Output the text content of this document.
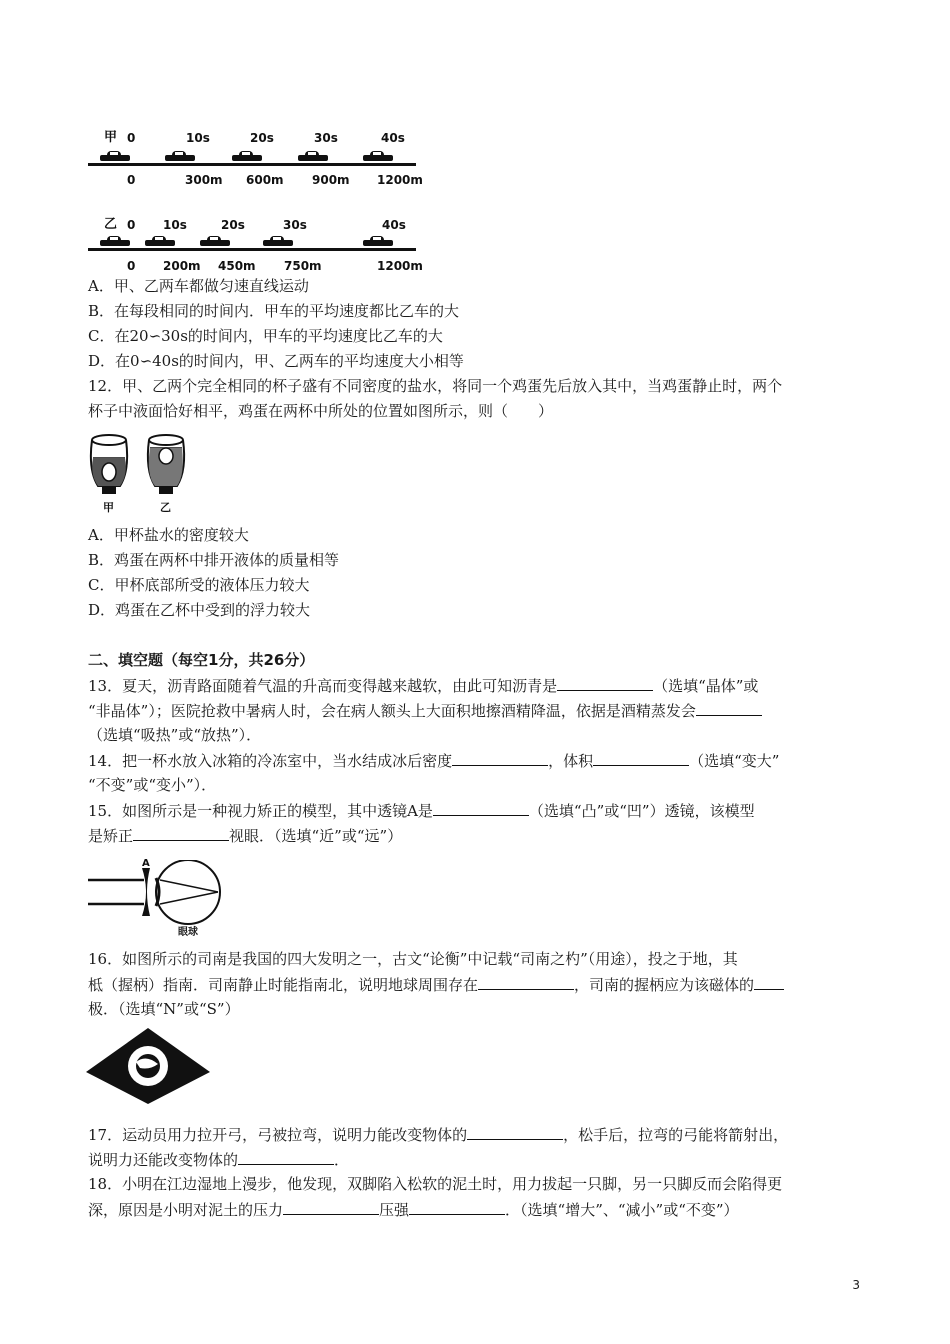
甲 0	10s	20s	30s	40s
0	300m 600m 900m 1200m
乙 0 10s	20s	30s	40s
0 200m 450m 750m	1200m
A．甲、乙两车都做匀速直线运动
B．在每段相同的时间内．甲车的平均速度都比乙车的大
C．在20∽30s的时间内，甲车的平均速度比乙车的大
D．在0∽40s的时间内，甲、乙两车的平均速度大小相等
12．甲、乙两个完全相同的杯子盛有不同密度的盐水，将同一个鸡蛋先后放入其中，当鸡蛋静止时，两个
杯子中液面恰好相平，鸡蛋在两杯中所处的位置如图所示，则（　　）
甲	乙
A．甲杯盐水的密度较大
B．鸡蛋在两杯中排开液体的质量相等
C．甲杯底部所受的液体压力较大
D．鸡蛋在乙杯中受到的浮力较大
二、填空题（每空1分，共26分）
13．夏天，沥青路面随着气温的升高而变得越来越软，由此可知沥青是	（选填“晶体”或
“非晶体”）；医院抢救中暑病人时，会在病人额头上大面积地擦酒精降温，依据是酒精蒸发会
（选填“吸热”或“放热”）．
14．把一杯水放入冰箱的冷冻室中，当水结成冰后密度	，体积	（选填“变大”
“不变”或“变小”）．
15．如图所示是一种视力矫正的模型，其中透镜A是	（选填“凸”或“凹”）透镜，该模型
是矫正	视眼．（选填“近”或“远”）
A
眼球
16．如图所示的司南是我国的四大发明之一，古文“论衡”中记载“司南之杓”（用途），投之于地，其
柢（握柄）指南．司南静止时能指南北，说明地球周围存在	，司南的握柄应为该磁体的
极．（选填“N”或“S”）
17．运动员用力拉开弓，弓被拉弯，说明力能改变物体的	，松手后，拉弯的弓能将箭射出，
说明力还能改变物体的	．
18．小明在江边湿地上漫步，他发现，双脚陷入松软的泥土时，用力拔起一只脚，另一只脚反而会陷得更
深，原因是小明对泥土的压力	压强	．（选填“增大”、“减小”或“不变”）
3
